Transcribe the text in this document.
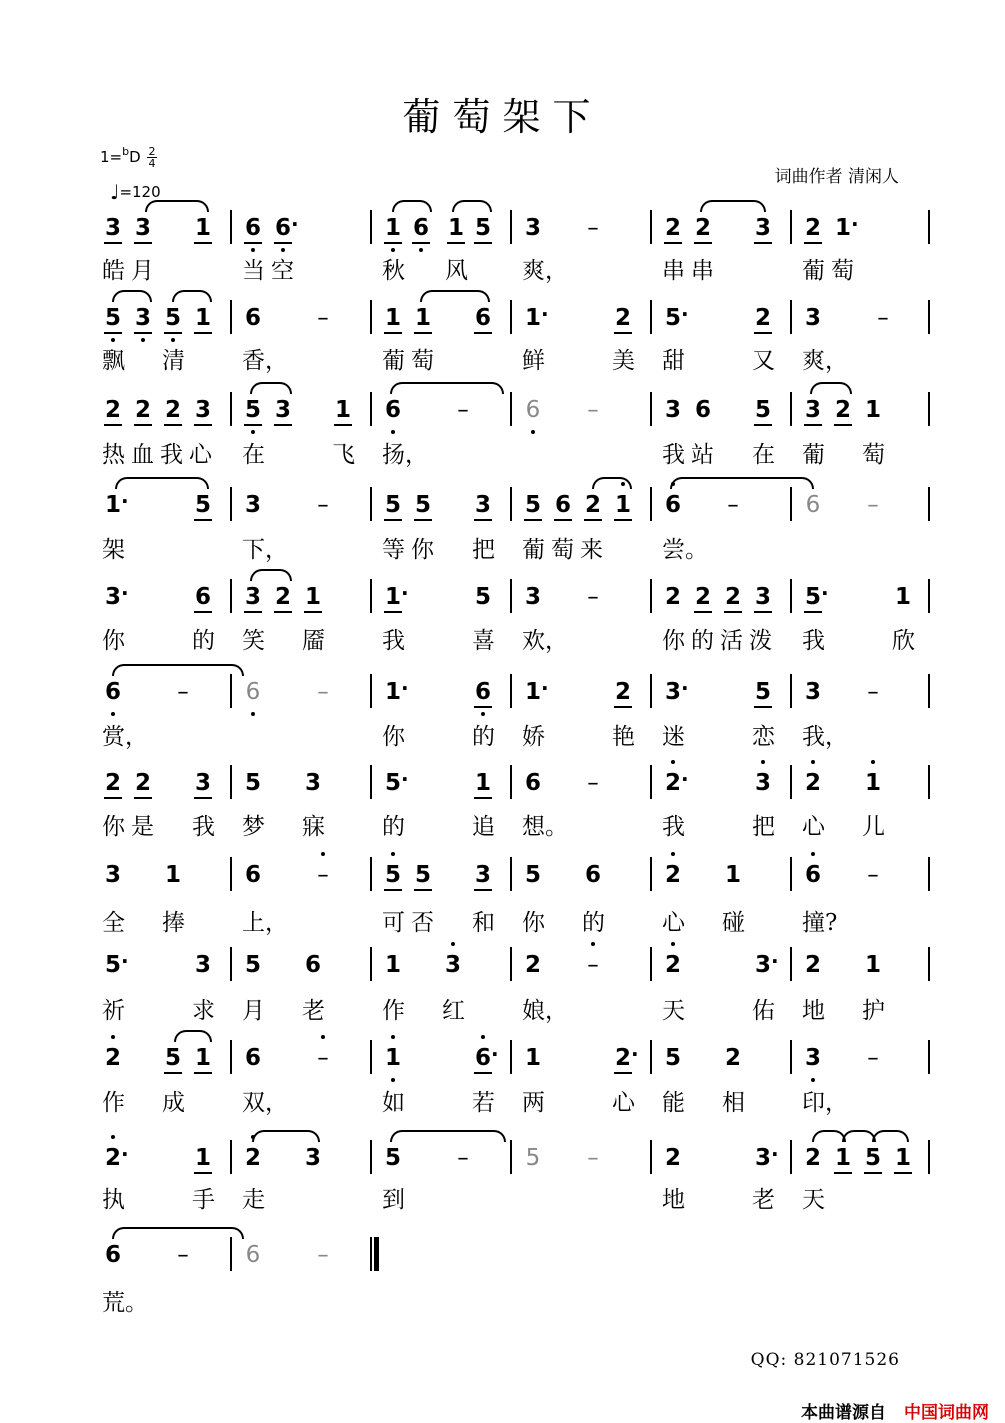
葡萄架下
1=$^b$D 2
4
♩=120
词曲作者 清闲人
3 3 1 6 6 ·	1 6 1 5 3 –	2 2 3 2 1 ·
5 3 5 1 6 – 1 1 6 1 ·	2 5 ·	2 3 –
2 2 2 3 5 3 1 6 – 6 –	3 6 5 3 2 1
1 ·	5 3 – 5 5 3 5 6 2 1 6 –	6 –
3 ·	6 3 2 1	1 ·	5 3 –	2 2 2 3 5 ·	1
6 – 6 – 1 ·	6 1 ·	2 3 ·	5 3 –
2 2 3 5 3	5 ·	1 6 –	2 ·	3 2 1
3 1	6 – 5 5 3 5 6	2 1	6 –
5 ·	3 5 6	1 3	2 –	2	3 · 2 1
2 5 1 6 – 1	6 · 1	2 · 5 2	3 –
2 ·	1 2 3	5 – 5 –	2	3 · 2 1 5 1
6 – 6 –
皓月	当空	秋 风 爽，	串串	葡萄
飘 清 香，	葡萄	鲜	美 甜	又 爽，
热血我心 在	飞 扬，	我站 在 葡 萄
架	下，	等你 把 葡萄来 尝。
你	的 笑 靥 我	喜 欢，	你的活泼 我	欣
赏，	你	的 娇	艳 迷	恋 我，
你是 我 梦 寐 的	追 想。	我	把 心 儿
全 捧 上，	可否 和 你 的 心 碰 撞?
祈	求 月 老 作 红 娘，	天	佑 地 护
作 成 双，	如	若 两	心 能 相 印，
执	手 走	到	地	老 天
荒。
QQ: 821071526
本曲谱源自 中国词曲网
